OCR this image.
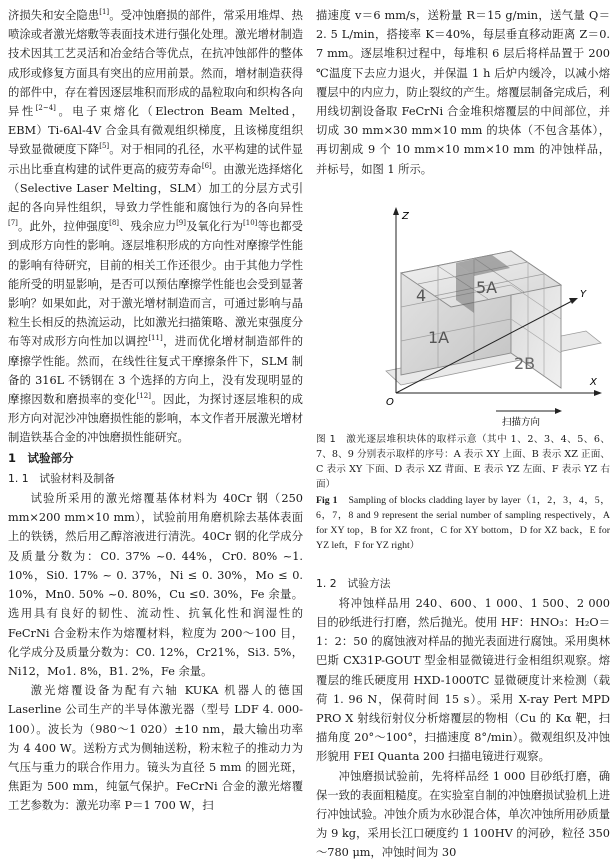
济损失和安全隐患[1]。受冲蚀磨损的部件，常采用堆焊、热喷涂或者激光熔敷等表面技术进行强化处理。激光增材制造技术因其工艺灵活和冶金结合等优点，在抗冲蚀部件的整体成形或修复方面具有突出的应用前景。然而，增材制造获得的部件中，存在着因逐层堆积而形成的晶粒取向和织构各向异性[2~4]。电子束熔化（Electron Beam Melted，EBM）Ti-6Al-4V 合金具有微观组织梯度，且该梯度组织导致显微硬度下降[5]。对于相同的孔径，水平构建的试件显示出比垂直构建的试件更高的疲劳寿命[6]。由激光选择熔化（Selective Laser Melting，SLM）加工的分层方式引起的各向异性组织，导致力学性能和腐蚀行为的各向异性[7]。此外，拉伸强度[8]、残余应力[9]及氧化行为[10]等也都受到成形方向性的影响。逐层堆积形成的方向性对摩擦学性能的影响有待研究，目前的相关工作还很少。由于其他力学性能所受的明显影响，是否可以预估摩擦学性能也会受到显著影响？如果如此，对于激光增材制造而言，可通过影响与晶粒生长相反的热流运动，比如激光扫描策略、激光束强度分布等对成形方向性加以调控[11]，进而优化增材制造部件的摩擦学性能。然而，在线性往复式干摩擦条件下，SLM 制备的 316L 不锈钢在 3 个选择的方向上，没有发现明显的摩擦因数和磨损率的变化[12]。因此，为探讨逐层堆积的成形方向对泥沙冲蚀磨损性能的影响，本文作者开展激光增材制造铁基合金的冲蚀磨损性能研究。

1　试验部分
1. 1　试验材料及制备

试验所采用的激光熔覆基体材料为 40Cr 钢（250 mm×200 mm×10 mm），试验前用角磨机除去基体表面上的铁锈，然后用乙醇溶液进行清洗。40Cr 钢的化学成分及质量分数为：C0. 37% ~0. 44%，Cr0. 80% ~1. 10%，Si0. 17% ~ 0. 37%，Ni ≤ 0. 30%，Mo ≤ 0. 10%，Mn0. 50% ~0. 80%，Cu ≤0. 30%，Fe 余量。选用具有良好的韧性、流动性、抗氧化性和润湿性的 FeCrNi 合金粉末作为熔覆材料，粒度为 200～100 目，化学成分及质量分数为：C0. 12%，Cr21%，Si3. 5%，Ni12，Mo1. 8%，B1. 2%，Fe 余量。

激光熔覆设备为配有六轴 KUKA 机器人的德国 Laserline 公司生产的半导体激光器（型号 LDF 4. 000-100）。波长为（980～1 020）±10 nm，最大输出功率为 4 400 W。送粉方式为侧轴送粉，粉末粒子的推动力为气压与重力的联合作用力。镜头为直径 5 mm 的圆光斑，焦距为 500 mm，纯氩气保护。FeCrNi 合金的激光熔覆工艺参数为：激光功率 P＝1 700 W，扫

描速度 v＝6 mm/s，送粉量 R＝15 g/min，送气量 Q＝2. 5 L/min，搭接率 K＝40%，每层垂直移动距离 Z＝0. 7 mm。逐层堆积过程中，每堆积 6 层后将样品置于 200 ℃温度下去应力退火，并保温 1 h 后炉内缓冷，以减小熔覆层中的内应力，防止裂纹的产生。熔覆层制备完成后，利用线切割设备取 FeCrNi 合金堆积熔覆层的中间部位，并切成 30 mm×30 mm×10 mm 的块体（不包含基体），再切割成 9 个 10 mm×10 mm×10 mm 的冲蚀样品，并标号，如图 1 所示。

4	5A
1A
2B
Z
X
Y
O
扫描方向

图 1　 激光逐层堆积块体的取样示意（其中 1、2、3、4、5、6、7、8、9 分别表示取样的序号：A 表示 XY 上面、B 表示 XZ 正面、C 表示 XY 下面、D 表示 XZ 背面、E 表示 YZ 左面、F 表示 YZ 右面）

Fig 1　 Sampling of blocks cladding layer by layer（1，2，3，4，5，6，7，8 and 9 represent the serial number of sampling respectively，A for XY top，B for XZ front，C for XY bottom，D for XZ back，E for YZ left，F for YZ right）

1. 2　试验方法

将冲蚀样品用 240、600、1 000、1 500、2 000 目的砂纸进行打磨，然后抛光。使用 HF：HNO₃：H₂O＝1：2：50 的腐蚀液对样品的抛光表面进行腐蚀。采用奥林巴斯 CX31P-GOUT 型金相显微镜进行金相组织观察。熔覆层的维氏硬度用 HXD-1000TC 显微硬度计来检测（载荷 1. 96 N，保荷时间 15 s）。采用 X-ray Pert MPD PRO X 射线衍射仪分析熔覆层的物相（Cu 的 Kα 靶，扫描角度 20°～100°，扫描速度 8°/min）。微观组织及冲蚀形貌用 FEI Quanta 200 扫描电镜进行观察。

冲蚀磨损试验前，先将样品经 1 000 目砂纸打磨，确保一致的表面粗糙度。在实验室自制的冲蚀磨损试验机上进行冲蚀试验。冲蚀介质为水砂混合体，单次冲蚀所用砂质量为 9 kg，采用长江口硬度约 1 100HV 的河砂，粒径 350～780 μm，冲蚀时间为 30
